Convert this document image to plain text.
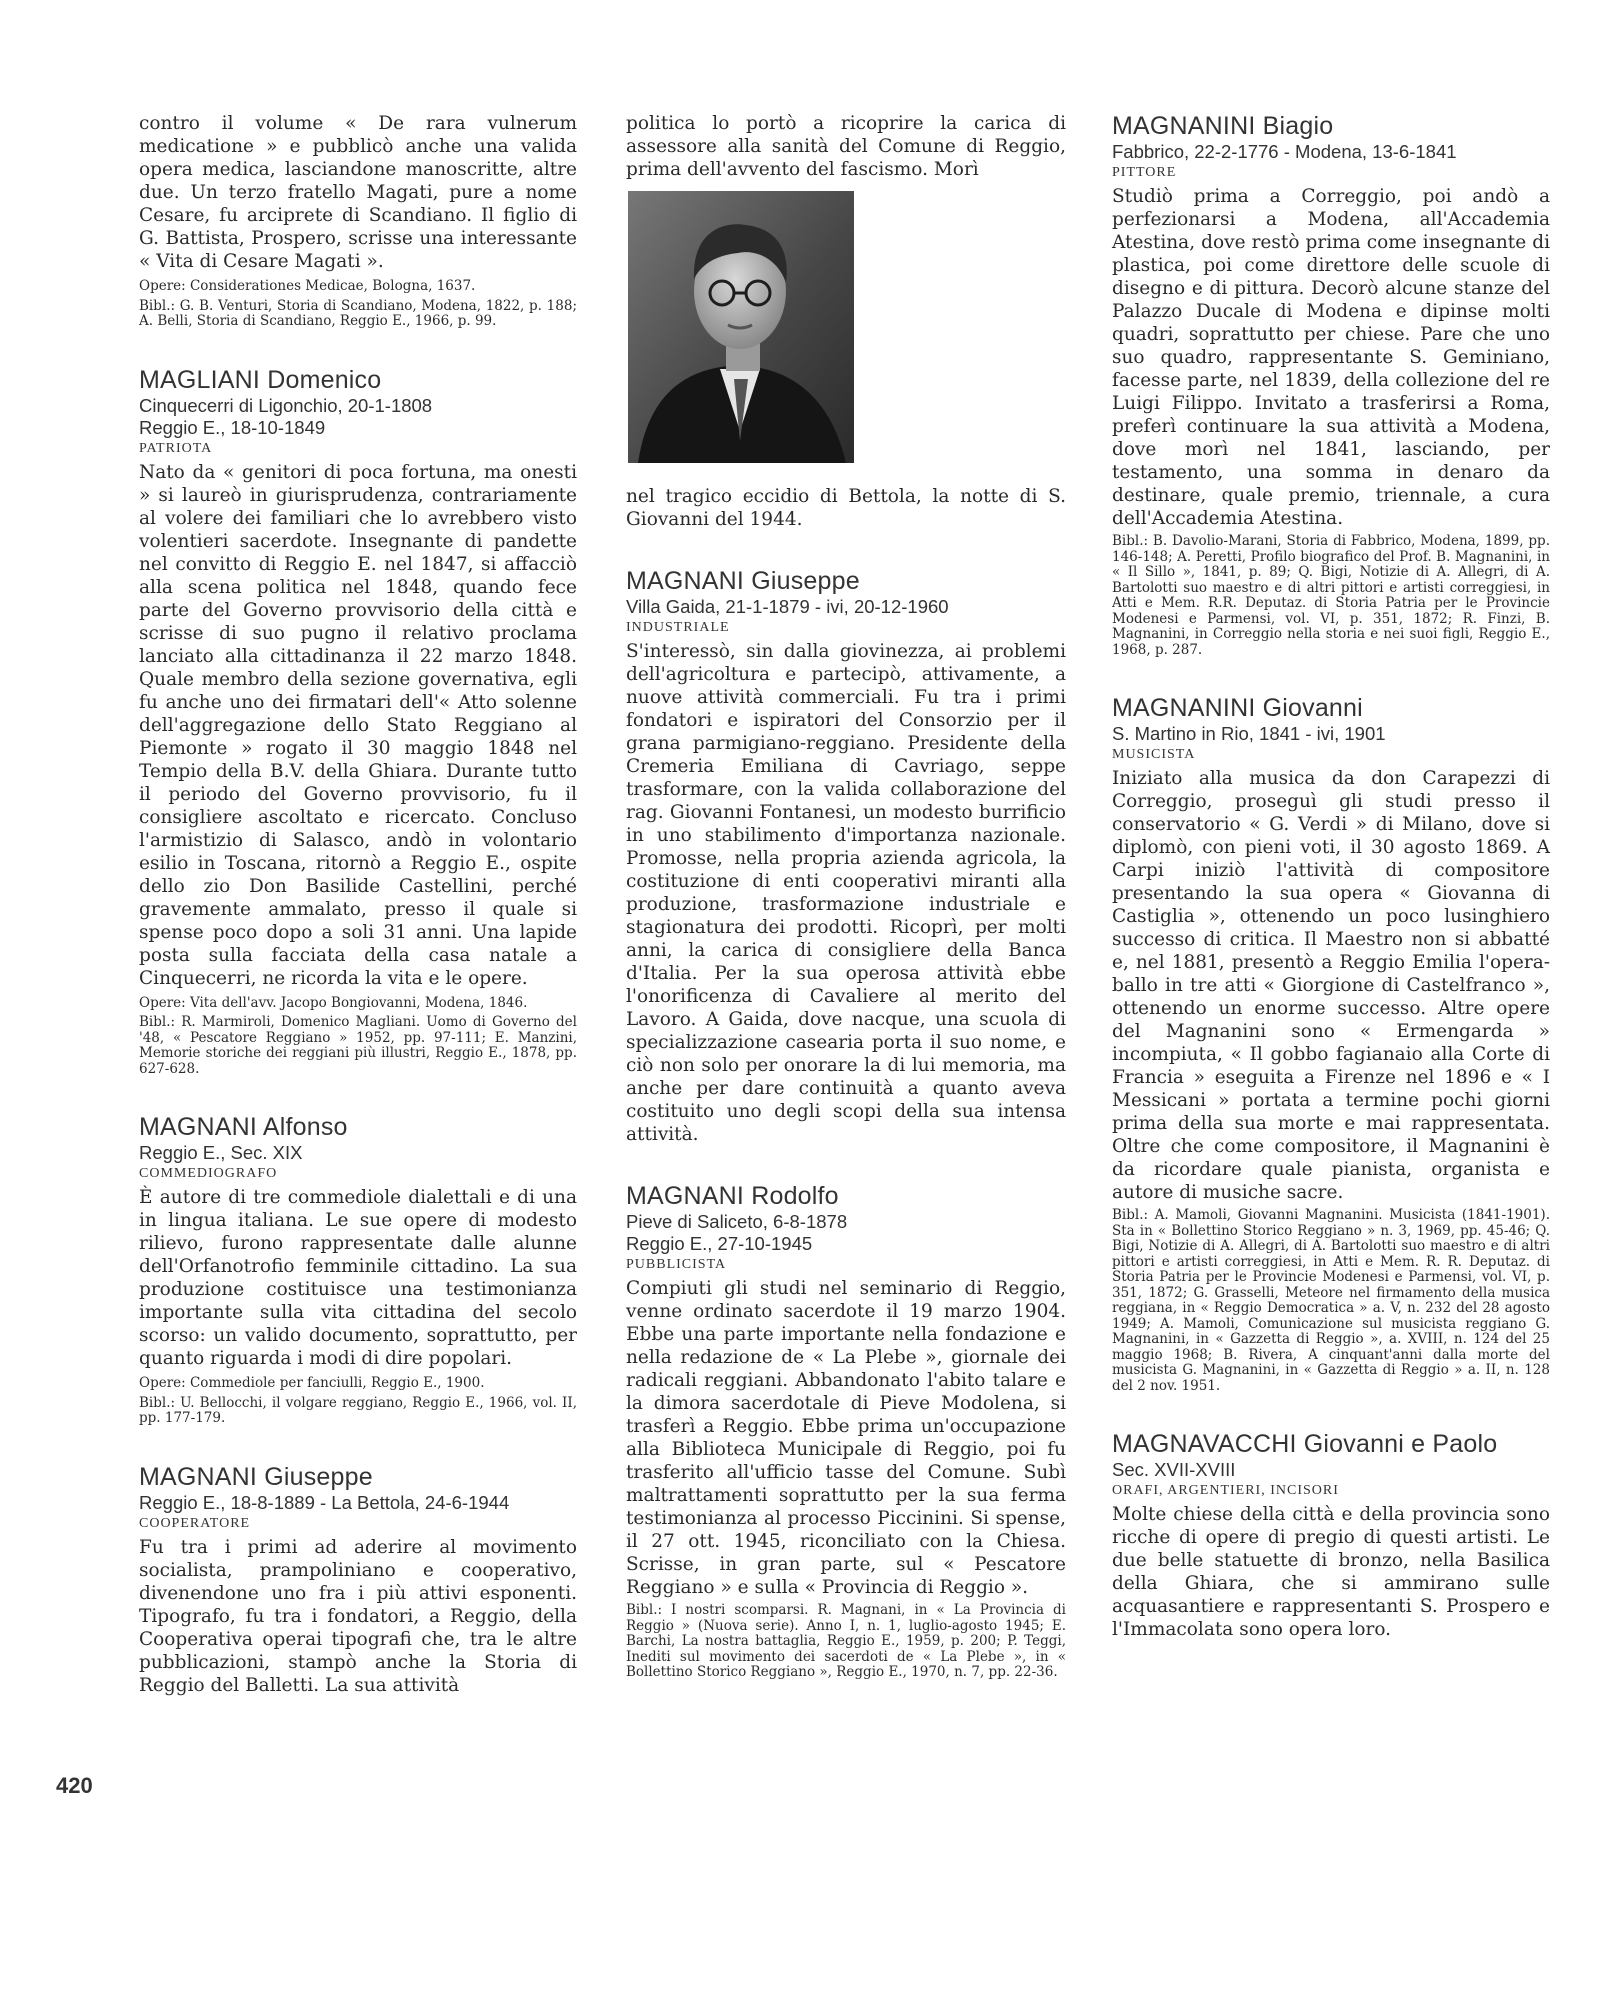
contro il volume « De rara vulnerum medicatione » e pubblicò anche una valida opera medica, lasciandone manoscritte, altre due. Un terzo fratello Magati, pure a nome Cesare, fu arciprete di Scandiano. Il figlio di G. Battista, Prospero, scrisse una interessante « Vita di Cesare Magati ».

Opere: Considerationes Medicae, Bologna, 1637.

Bibl.: G. B. Venturi, Storia di Scandiano, Modena, 1822, p. 188; A. Belli, Storia di Scandiano, Reggio E., 1966, p. 99.

MAGLIANI Domenico

Cinquecerri di Ligonchio, 20-1-1808

Reggio E., 18-10-1849

PATRIOTA

Nato da « genitori di poca fortuna, ma onesti » si laureò in giurisprudenza, contrariamente al volere dei familiari che lo avrebbero visto volentieri sacerdote. Insegnante di pandette nel convitto di Reggio E. nel 1847, si affacciò alla scena politica nel 1848, quando fece parte del Governo provvisorio della città e scrisse di suo pugno il relativo proclama lanciato alla cittadinanza il 22 marzo 1848. Quale membro della sezione governativa, egli fu anche uno dei firmatari dell'« Atto solenne dell'aggregazione dello Stato Reggiano al Piemonte » rogato il 30 maggio 1848 nel Tempio della B.V. della Ghiara. Durante tutto il periodo del Governo provvisorio, fu il consigliere ascoltato e ricercato. Concluso l'armistizio di Salasco, andò in volontario esilio in Toscana, ritornò a Reggio E., ospite dello zio Don Basilide Castellini, perché gravemente ammalato, presso il quale si spense poco dopo a soli 31 anni. Una lapide posta sulla facciata della casa natale a Cinquecerri, ne ricorda la vita e le opere.

Opere: Vita dell'avv. Jacopo Bongiovanni, Modena, 1846.

Bibl.: R. Marmiroli, Domenico Magliani. Uomo di Governo del '48, « Pescatore Reggiano » 1952, pp. 97-111; E. Manzini, Memorie storiche dei reggiani più illustri, Reggio E., 1878, pp. 627-628.

MAGNANI Alfonso

Reggio E., Sec. XIX

COMMEDIOGRAFO

È autore di tre commediole dialettali e di una in lingua italiana. Le sue opere di modesto rilievo, furono rappresentate dalle alunne dell'Orfanotrofio femminile cittadino. La sua produzione costituisce una testimonianza importante sulla vita cittadina del secolo scorso: un valido documento, soprattutto, per quanto riguarda i modi di dire popolari.

Opere: Commediole per fanciulli, Reggio E., 1900.

Bibl.: U. Bellocchi, il volgare reggiano, Reggio E., 1966, vol. II, pp. 177-179.

MAGNANI Giuseppe

Reggio E., 18-8-1889 - La Bettola, 24-6-1944

COOPERATORE

Fu tra i primi ad aderire al movimento socialista, prampoliniano e cooperativo, divenendone uno fra i più attivi esponenti. Tipografo, fu tra i fondatori, a Reggio, della Cooperativa operai tipografi che, tra le altre pubblicazioni, stampò anche la Storia di Reggio del Balletti. La sua attività

politica lo portò a ricoprire la carica di assessore alla sanità del Comune di Reggio, prima dell'avvento del fascismo. Morì

nel tragico eccidio di Bettola, la notte di S. Giovanni del 1944.

MAGNANI Giuseppe

Villa Gaida, 21-1-1879 - ivi, 20-12-1960

INDUSTRIALE

S'interessò, sin dalla giovinezza, ai problemi dell'agricoltura e partecipò, attivamente, a nuove attività commerciali. Fu tra i primi fondatori e ispiratori del Consorzio per il grana parmigiano-reggiano. Presidente della Cremeria Emiliana di Cavriago, seppe trasformare, con la valida collaborazione del rag. Giovanni Fontanesi, un modesto burrificio in uno stabilimento d'importanza nazionale. Promosse, nella propria azienda agricola, la costituzione di enti cooperativi miranti alla produzione, trasformazione industriale e stagionatura dei prodotti. Ricoprì, per molti anni, la carica di consigliere della Banca d'Italia. Per la sua operosa attività ebbe l'onorificenza di Cavaliere al merito del Lavoro. A Gaida, dove nacque, una scuola di specializzazione casearia porta il suo nome, e ciò non solo per onorare la di lui memoria, ma anche per dare continuità a quanto aveva costituito uno degli scopi della sua intensa attività.

MAGNANI Rodolfo

Pieve di Saliceto, 6-8-1878

Reggio E., 27-10-1945

PUBBLICISTA

Compiuti gli studi nel seminario di Reggio, venne ordinato sacerdote il 19 marzo 1904. Ebbe una parte importante nella fondazione e nella redazione de « La Plebe », giornale dei radicali reggiani. Abbandonato l'abito talare e la dimora sacerdotale di Pieve Modolena, si trasferì a Reggio. Ebbe prima un'occupazione alla Biblioteca Municipale di Reggio, poi fu trasferito all'ufficio tasse del Comune. Subì maltrattamenti soprattutto per la sua ferma testimonianza al processo Piccinini. Si spense, il 27 ott. 1945, riconciliato con la Chiesa. Scrisse, in gran parte, sul « Pescatore Reggiano » e sulla « Provincia di Reggio ».

Bibl.: I nostri scomparsi. R. Magnani, in « La Provincia di Reggio » (Nuova serie). Anno I, n. 1, luglio-agosto 1945; E. Barchi, La nostra battaglia, Reggio E., 1959, p. 200; P. Teggi, Inediti sul movimento dei sacerdoti de « La Plebe », in « Bollettino Storico Reggiano », Reggio E., 1970, n. 7, pp. 22-36.

MAGNANINI Biagio

Fabbrico, 22-2-1776 - Modena, 13-6-1841

PITTORE

Studiò prima a Correggio, poi andò a perfezionarsi a Modena, all'Accademia Atestina, dove restò prima come insegnante di plastica, poi come direttore delle scuole di disegno e di pittura. Decorò alcune stanze del Palazzo Ducale di Modena e dipinse molti quadri, soprattutto per chiese. Pare che uno suo quadro, rappresentante S. Geminiano, facesse parte, nel 1839, della collezione del re Luigi Filippo. Invitato a trasferirsi a Roma, preferì continuare la sua attività a Modena, dove morì nel 1841, lasciando, per testamento, una somma in denaro da destinare, quale premio, triennale, a cura dell'Accademia Atestina.

Bibl.: B. Davolio-Marani, Storia di Fabbrico, Modena, 1899, pp. 146-148; A. Peretti, Profilo biografico del Prof. B. Magnanini, in « Il Sillo », 1841, p. 89; Q. Bigi, Notizie di A. Allegri, di A. Bartolotti suo maestro e di altri pittori e artisti correggiesi, in Atti e Mem. R.R. Deputaz. di Storia Patria per le Provincie Modenesi e Parmensi, vol. VI, p. 351, 1872; R. Finzi, B. Magnanini, in Correggio nella storia e nei suoi figli, Reggio E., 1968, p. 287.

MAGNANINI Giovanni

S. Martino in Rio, 1841 - ivi, 1901

MUSICISTA

Iniziato alla musica da don Carapezzi di Correggio, proseguì gli studi presso il conservatorio « G. Verdi » di Milano, dove si diplomò, con pieni voti, il 30 agosto 1869. A Carpi iniziò l'attività di compositore presentando la sua opera « Giovanna di Castiglia », ottenendo un poco lusinghiero successo di critica. Il Maestro non si abbatté e, nel 1881, presentò a Reggio Emilia l'opera-ballo in tre atti « Giorgione di Castelfranco », ottenendo un enorme successo. Altre opere del Magnanini sono « Ermengarda » incompiuta, « Il gobbo fagianaio alla Corte di Francia » eseguita a Firenze nel 1896 e « I Messicani » portata a termine pochi giorni prima della sua morte e mai rappresentata. Oltre che come compositore, il Magnanini è da ricordare quale pianista, organista e autore di musiche sacre.

Bibl.: A. Mamoli, Giovanni Magnanini. Musicista (1841-1901). Sta in « Bollettino Storico Reggiano » n. 3, 1969, pp. 45-46; Q. Bigi, Notizie di A. Allegri, di A. Bartolotti suo maestro e di altri pittori e artisti correggiesi, in Atti e Mem. R. R. Deputaz. di Storia Patria per le Provincie Modenesi e Parmensi, vol. VI, p. 351, 1872; G. Grasselli, Meteore nel firmamento della musica reggiana, in « Reggio Democratica » a. V, n. 232 del 28 agosto 1949; A. Mamoli, Comunicazione sul musicista reggiano G. Magnanini, in « Gazzetta di Reggio », a. XVIII, n. 124 del 25 maggio 1968; B. Rivera, A cinquant'anni dalla morte del musicista G. Magnanini, in « Gazzetta di Reggio » a. II, n. 128 del 2 nov. 1951.

MAGNAVACCHI Giovanni e Paolo

Sec. XVII-XVIII

ORAFI, ARGENTIERI, INCISORI

Molte chiese della città e della provincia sono ricche di opere di pregio di questi artisti. Le due belle statuette di bronzo, nella Basilica della Ghiara, che si ammirano sulle acquasantiere e rappresentanti S. Prospero e l'Immacolata sono opera loro.

420
